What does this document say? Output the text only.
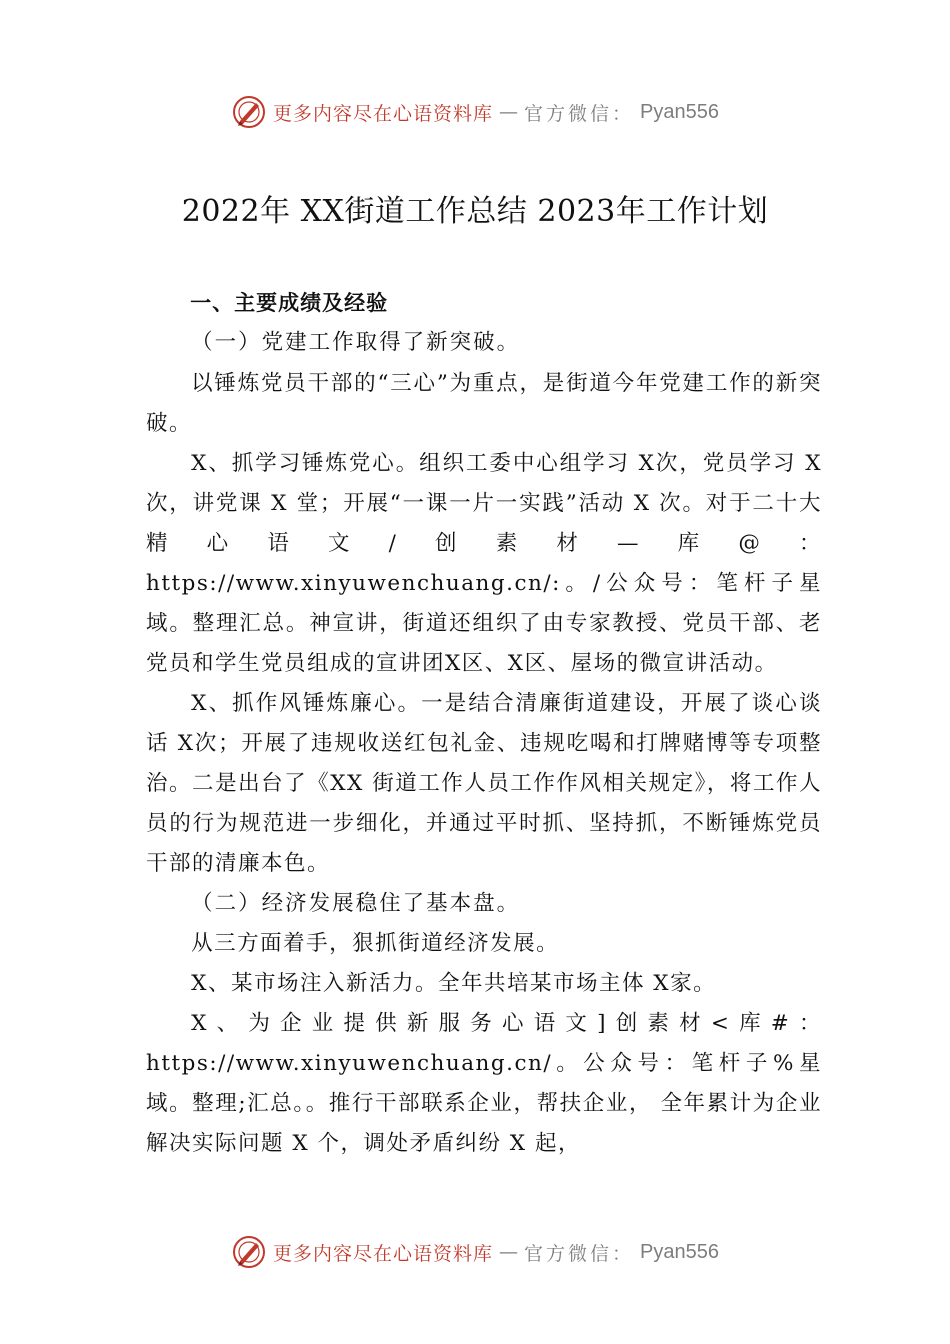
更多内容尽在心语资料库 — 官方微信： Pyan556
2022年 XX街道工作总结 2023年工作计划

一、主要成绩及经验

（一）党建工作取得了新突破。

以锤炼党员干部的“三心”为重点，是街道今年党建工作的新突破。

X、抓学习锤炼党心。组织工委中心组学习 X次，党员学习 X 次，讲党课 X 堂；开展“一课一片一实践”活动 X 次。对于二十大精心语文/创素材—库@：https://www.xinyuwenchuang.cn/:。/公众号：笔杆子星域。整理汇总。神宣讲，街道还组织了由专家教授、党员干部、老党员和学生党员组成的宣讲团X区、X区、屋场的微宣讲活动。

X、抓作风锤炼廉心。一是结合清廉街道建设，开展了谈心谈话 X次；开展了违规收送红包礼金、违规吃喝和打牌赌博等专项整治。二是出台了《XX 街道工作人员工作作风相关规定》，将工作人员的行为规范进一步细化，并通过平时抓、坚持抓，不断锤炼党员干部的清廉本色。

（二）经济发展稳住了基本盘。

从三方面着手，狠抓街道经济发展。

X、某市场注入新活力。全年共培某市场主体 X家。

X、为企业提供新服务心语文]创素材<库#：https://www.xinyuwenchuang.cn/。公众号：笔杆子%星域。整理;汇总。。推行干部联系企业，帮扶企业， 全年累计为企业解决实际问题 X 个，调处矛盾纠纷 X 起，

更多内容尽在心语资料库 — 官方微信： Pyan556
